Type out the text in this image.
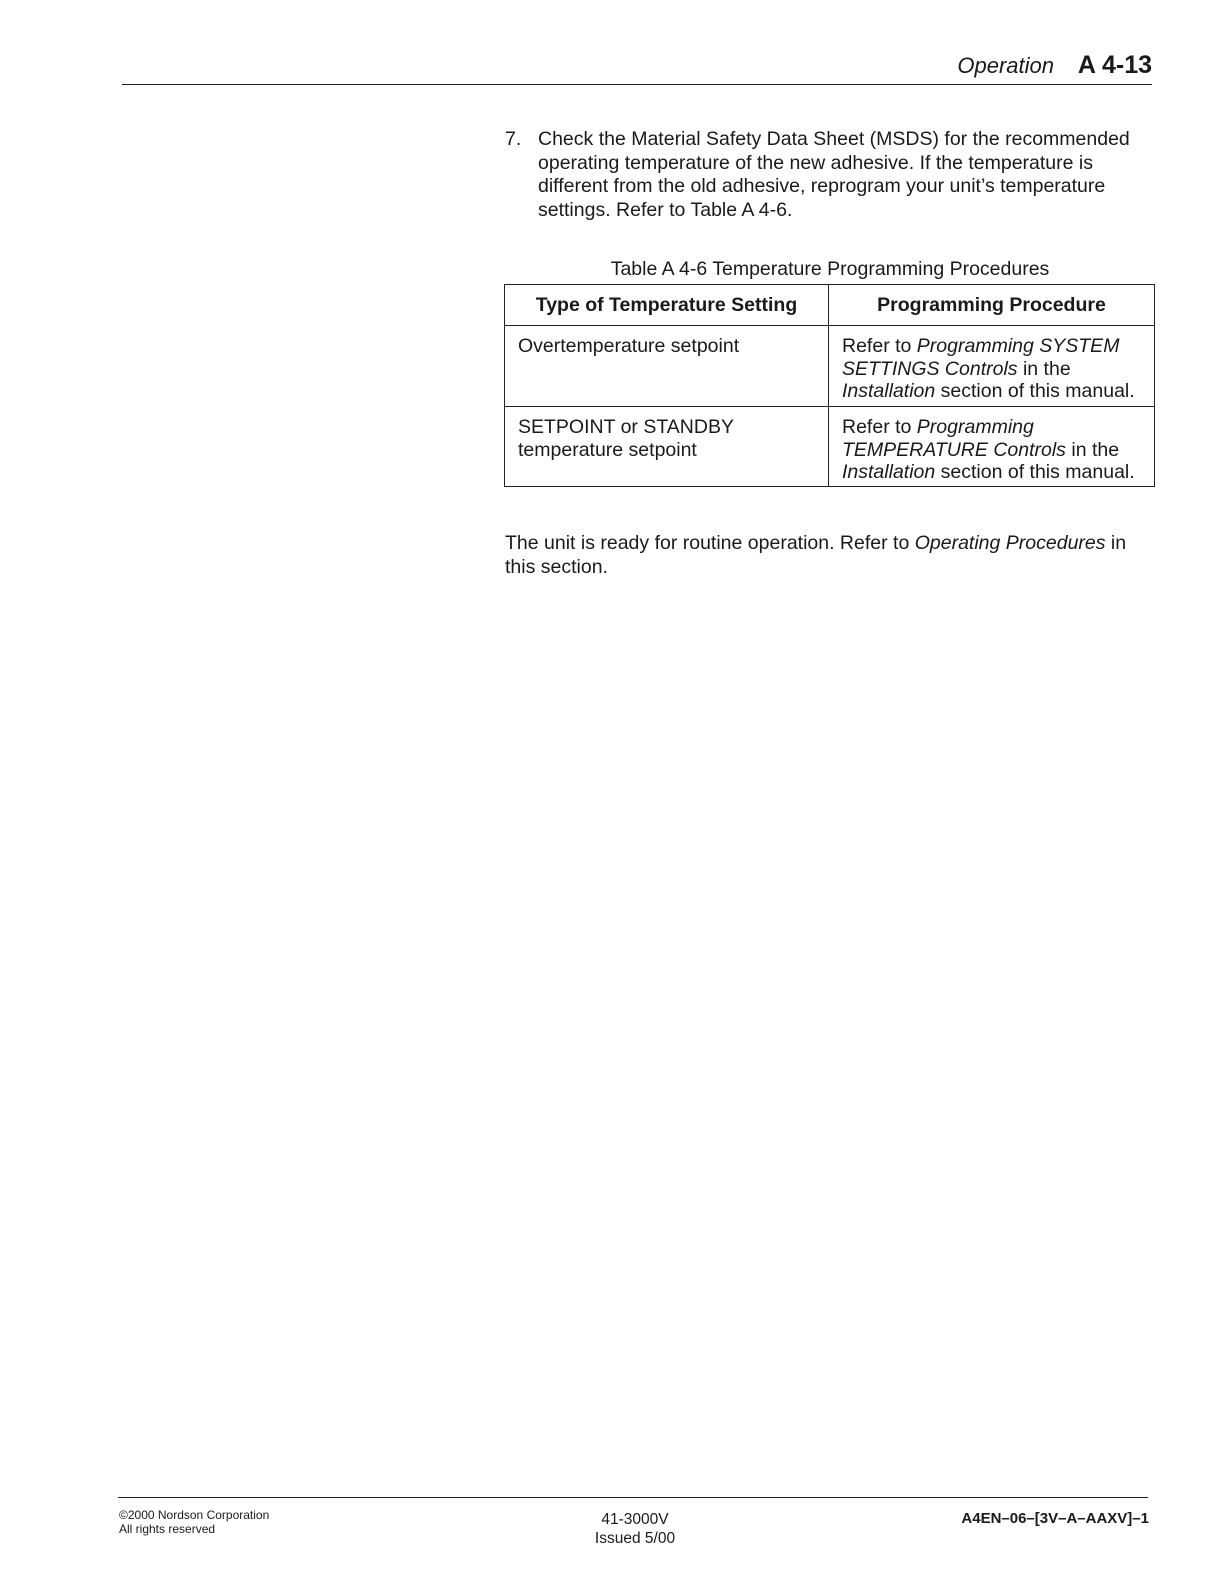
Operation A 4-13
7. Check the Material Safety Data Sheet (MSDS) for the recommended operating temperature of the new adhesive. If the temperature is different from the old adhesive, reprogram your unit’s temperature settings. Refer to Table A 4-6.
Table A 4-6 Temperature Programming Procedures
Type of Temperature Setting	Programming Procedure
Overtemperature setpoint	Refer to Programming SYSTEM SETTINGS Controls in the Installation section of this manual.
SETPOINT or STANDBY temperature setpoint	Refer to Programming TEMPERATURE Controls in the Installation section of this manual.
The unit is ready for routine operation. Refer to Operating Procedures in this section.
©2000 Nordson Corporation
All rights reserved
41-3000V
Issued 5/00
A4EN–06–[3V–A–AAXV]–1
